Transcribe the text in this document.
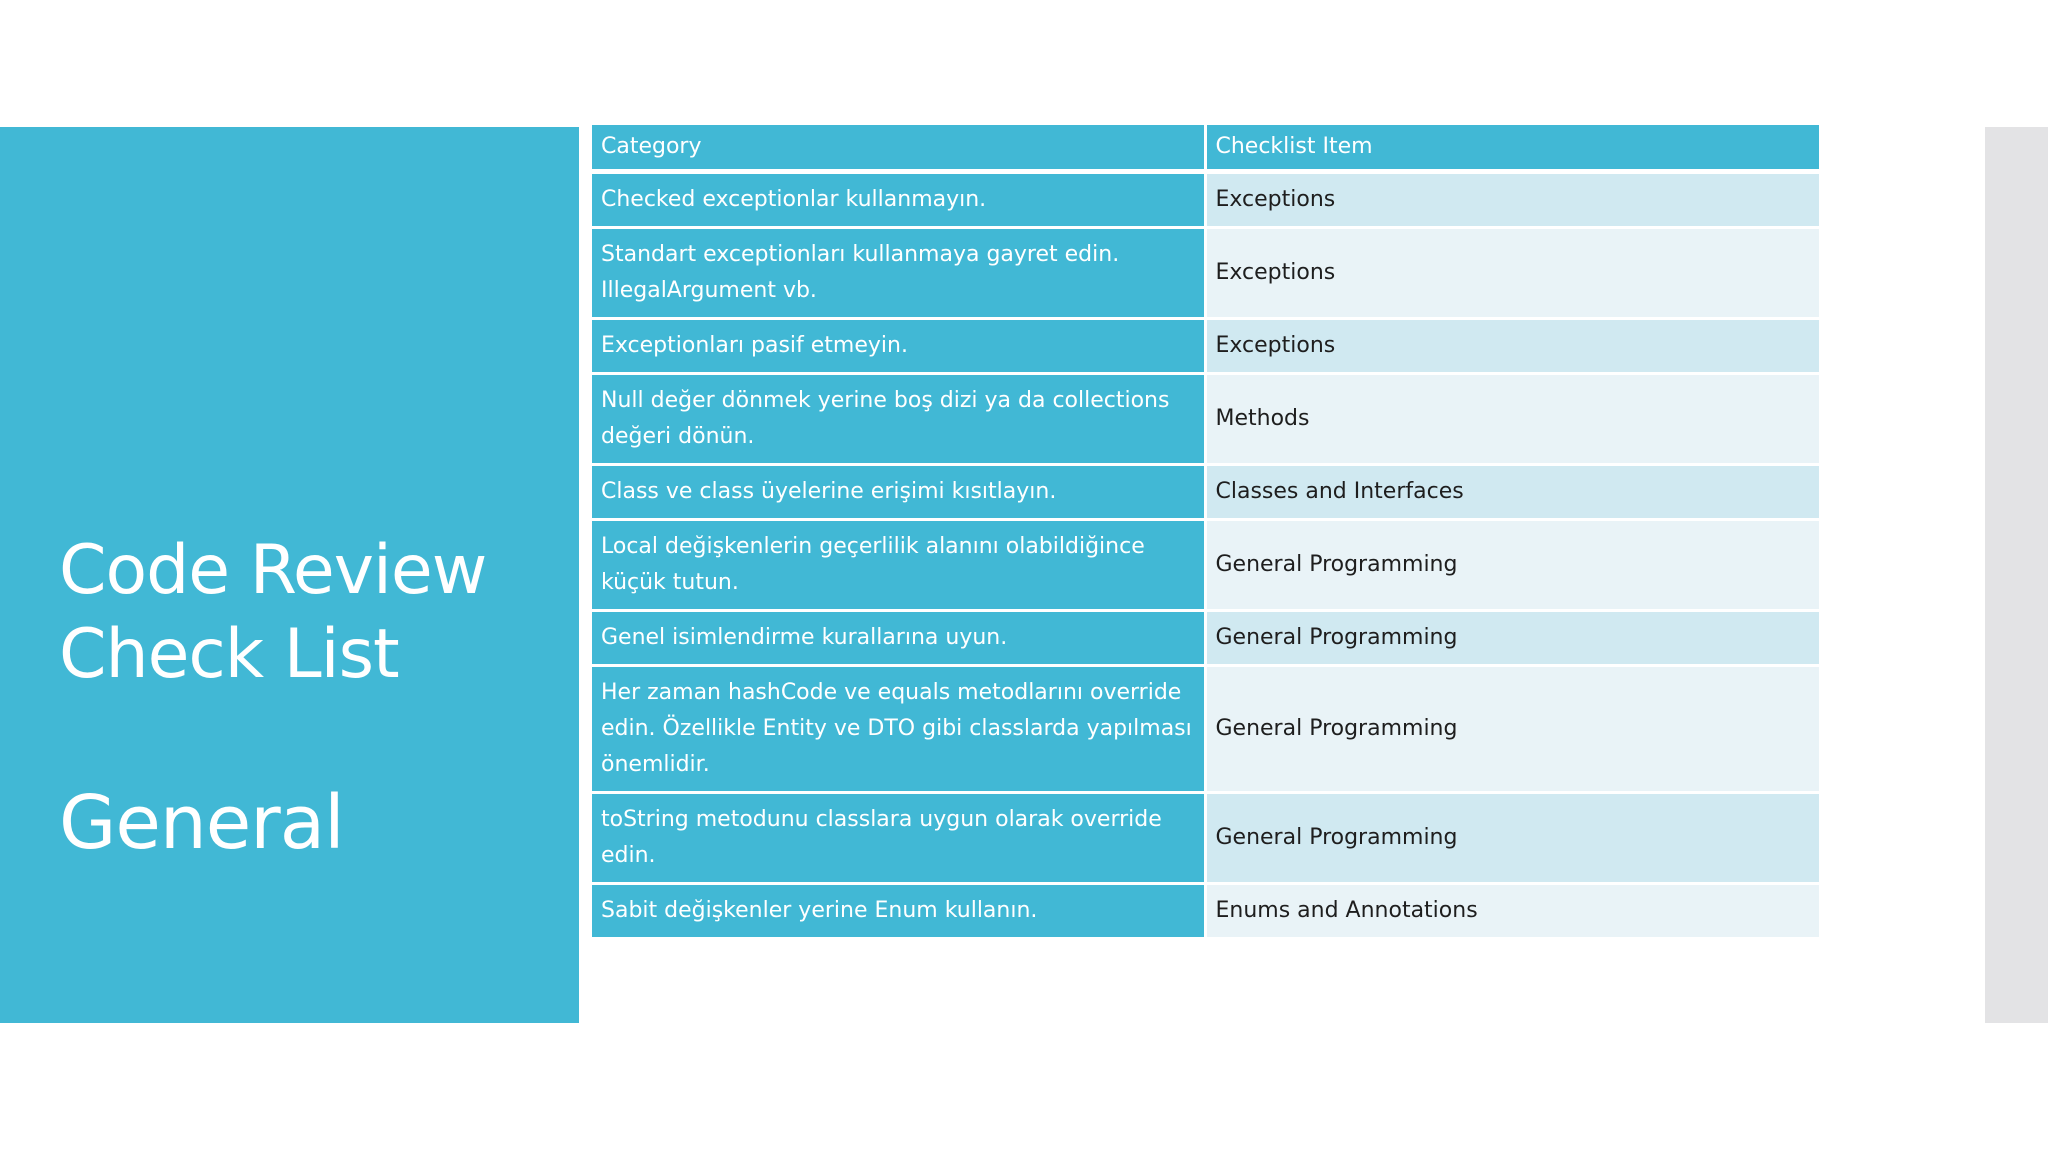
Code Review
Check List
General
Category	Checklist Item
Checked exceptionlar kullanmayın.	Exceptions
Standart exceptionları kullanmaya gayret edin. IllegalArgument vb.	Exceptions
Exceptionları pasif etmeyin.	Exceptions
Null değer dönmek yerine boş dizi ya da collections değeri dönün.	Methods
Class ve class üyelerine erişimi kısıtlayın.	Classes and Interfaces
Local değişkenlerin geçerlilik alanını olabildiğince küçük tutun.	General Programming
Genel isimlendirme kurallarına uyun.	General Programming
Her zaman hashCode ve equals metodlarını override edin. Özellikle Entity ve DTO gibi classlarda yapılması önemlidir.	General Programming
toString metodunu classlara uygun olarak override edin.	General Programming
Sabit değişkenler yerine Enum kullanın.	Enums and Annotations
